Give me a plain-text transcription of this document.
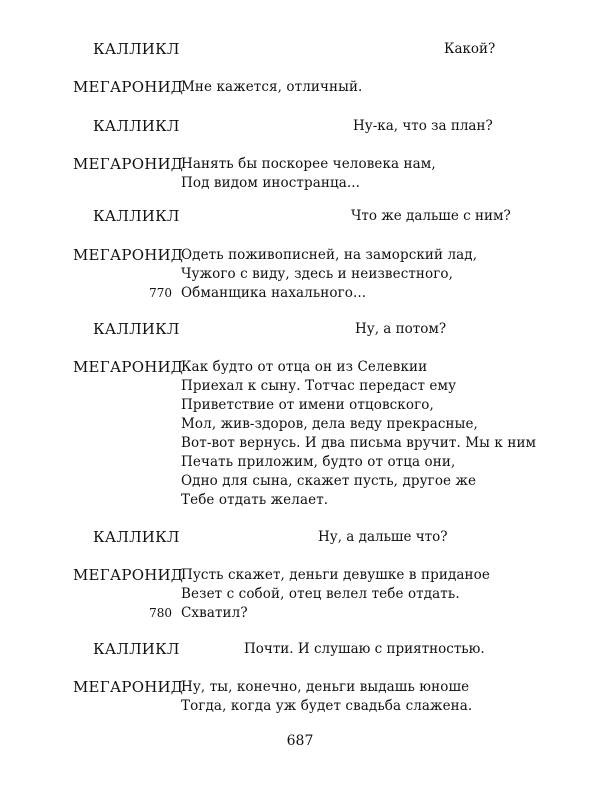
КАЛЛИКЛ	Какой?
МЕГАРОНИД
Мне кажется, отличный.
КАЛЛИКЛ	Ну-ка, что за план?
МЕГАРОНИД
Нанять бы поскорее человека нам,
Под видом иностранца...
КАЛЛИКЛ	Что же дальше с ним?
МЕГАРОНИД
Одеть поживописней, на заморский лад,
Чужого с виду, здесь и неизвестного,
770 Обманщика нахального...
КАЛЛИКЛ	Ну, а потом?
МЕГАРОНИД
Как будто от отца он из Селевкии
Приехал к сыну. Тотчас передаст ему
Приветствие от имени отцовского,
Мол, жив-здоров, дела веду прекрасные,
Вот-вот вернусь. И два письма вручит. Мы к ним
Печать приложим, будто от отца они,
Одно для сына, скажет пусть, другое же
Тебе отдать желает.
КАЛЛИКЛ	Ну, а дальше что?
МЕГАРОНИД
Пусть скажет, деньги девушке в приданое
Везет с собой, отец велел тебе отдать.
780 Схватил?
КАЛЛИКЛ	Почти. И слушаю с приятностью.
МЕГАРОНИД
Ну, ты, конечно, деньги выдашь юноше
Тогда, когда уж будет свадьба слажена.
687
